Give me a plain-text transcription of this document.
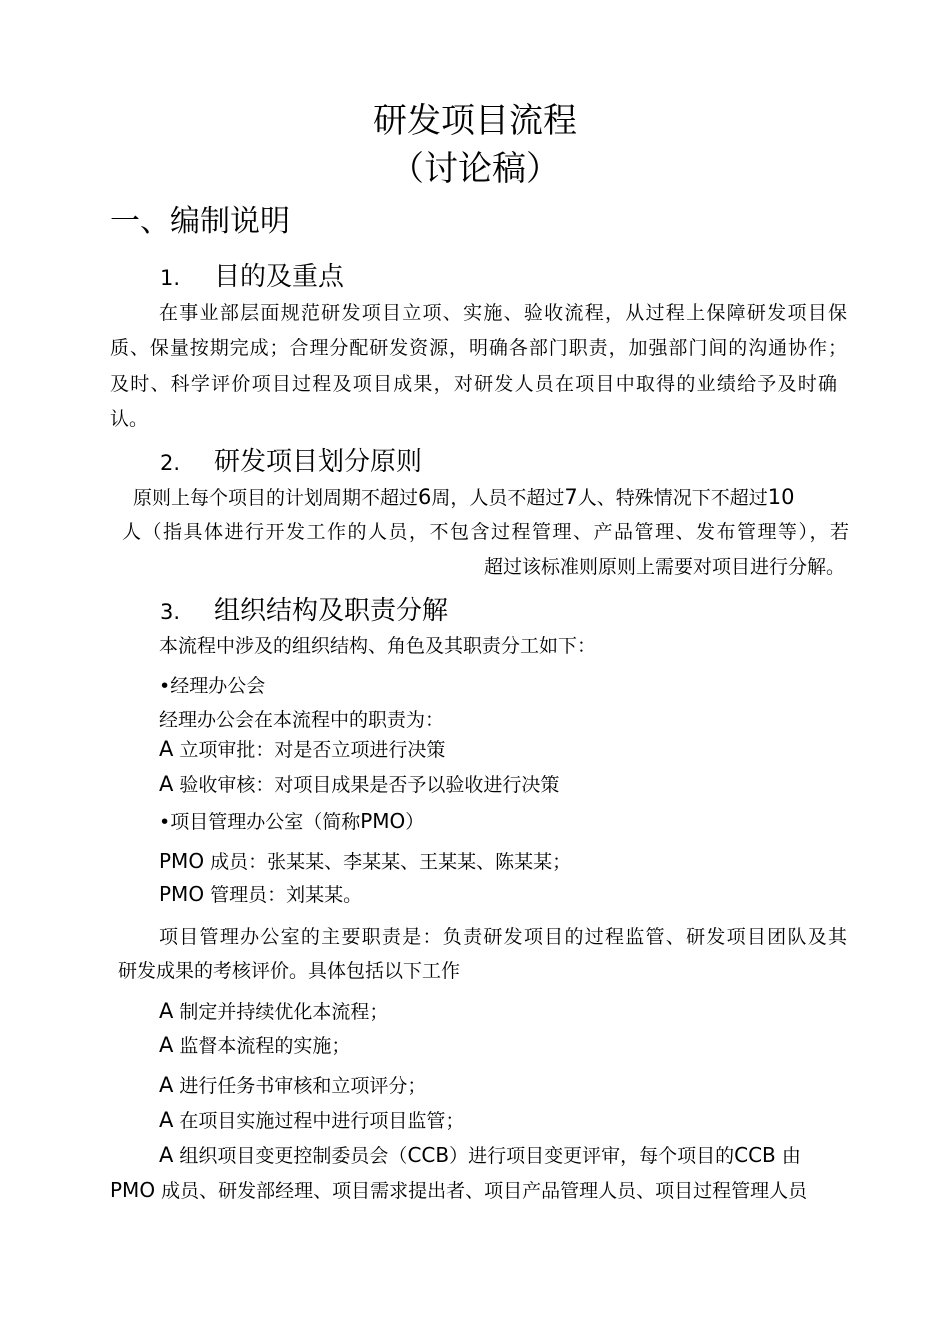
研发项目流程
（讨论稿）
一、编制说明
1. 目的及重点
在事业部层面规范研发项目立项、实施、验收流程，从过程上保障研发项目保
质、保量按期完成；合理分配研发资源，明确各部门职责，加强部门间的沟通协作；
及时、科学评价项目过程及项目成果，对研发人员在项目中取得的业绩给予及时确
认。
2. 研发项目划分原则
原则上每个项目的计划周期不超过6周，人员不超过7人、特殊情况下不超过10
人（指具体进行开发工作的人员，不包含过程管理、产品管理、发布管理等），若
超过该标准则原则上需要对项目进行分解。
3. 组织结构及职责分解
本流程中涉及的组织结构、角色及其职责分工如下：
•经理办公会
经理办公会在本流程中的职责为：
A 立项审批：对是否立项进行决策
A 验收审核：对项目成果是否予以验收进行决策
•项目管理办公室（简称PMO）
PMO 成员：张某某、李某某、王某某、陈某某；
PMO 管理员：刘某某。
项目管理办公室的主要职责是：负责研发项目的过程监管、研发项目团队及其
研发成果的考核评价。具体包括以下工作
A 制定并持续优化本流程；
A 监督本流程的实施；
A 进行任务书审核和立项评分；
A 在项目实施过程中进行项目监管；
A 组织项目变更控制委员会（CCB）进行项目变更评审，每个项目的CCB 由
PMO 成员、研发部经理、项目需求提出者、项目产品管理人员、项目过程管理人员
